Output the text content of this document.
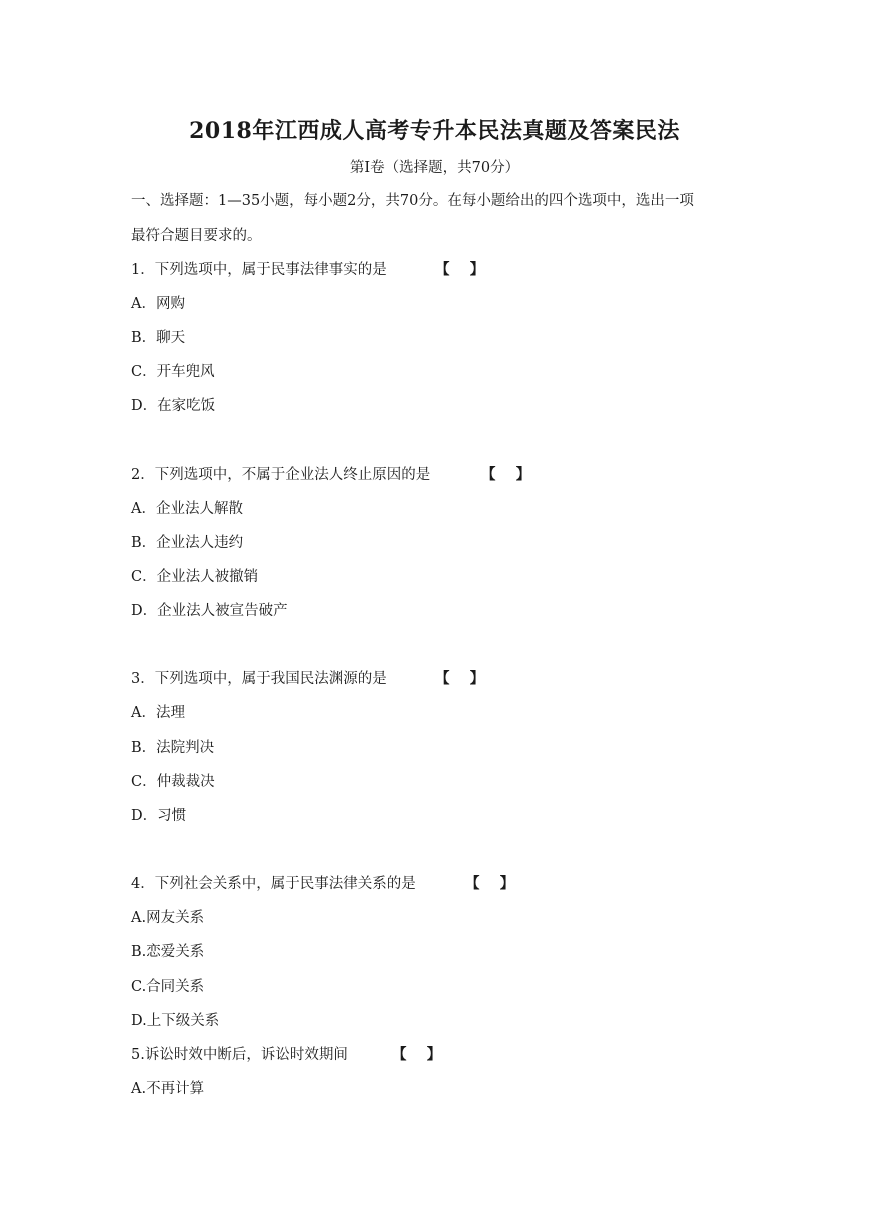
2018年江西成人高考专升本民法真题及答案民法
第Ⅰ卷（选择题，共70分）
一、选择题：1—35小题，每小题2分，共70分。在每小题给出的四个选项中，选出一项
最符合题目要求的。
1．下列选项中，属于民事法律事实的是	【    】
A．网购
B．聊天
C．开车兜风
D．在家吃饭
2．下列选项中，不属于企业法人终止原因的是	【    】
A．企业法人解散
B．企业法人违约
C．企业法人被撤销
D．企业法人被宣告破产
3．下列选项中，属于我国民法渊源的是	【    】
A．法理
B．法院判决
C．仲裁裁决
D．习惯
4．下列社会关系中，属于民事法律关系的是	【    】
A.网友关系
B.恋爱关系
C.合同关系
D.上下级关系
5.诉讼时效中断后，诉讼时效期间	【    】
A.不再计算
